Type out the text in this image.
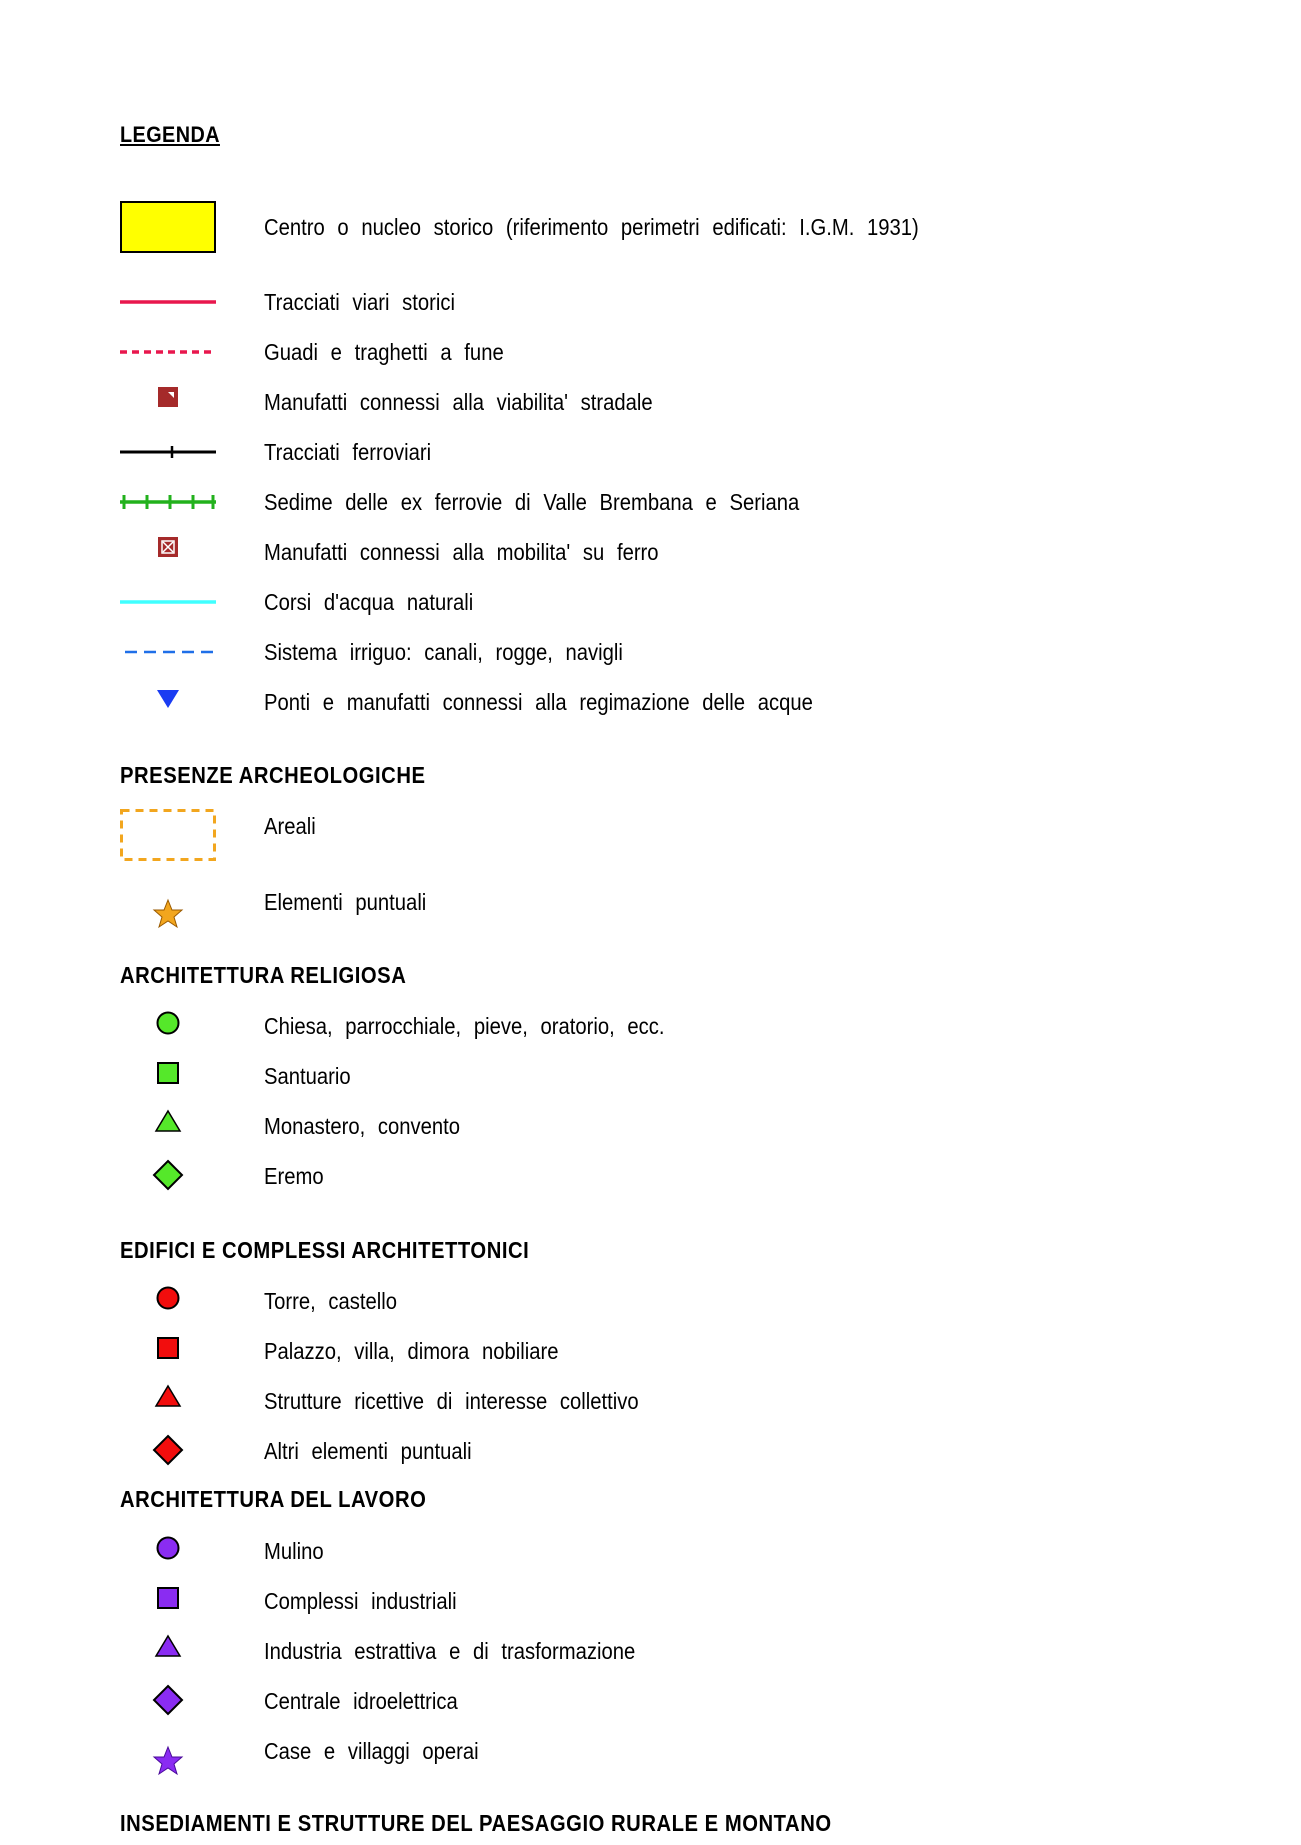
LEGENDA
Centro o nucleo storico (riferimento perimetri edificati: I.G.M. 1931)
Tracciati viari storici
Guadi e traghetti a fune
Manufatti connessi alla viabilita' stradale
Tracciati ferroviari
Sedime delle ex ferrovie di Valle Brembana e Seriana
Manufatti connessi alla mobilita' su ferro
Corsi d'acqua naturali
Sistema irriguo: canali, rogge, navigli
Ponti e manufatti connessi alla regimazione delle acque
PRESENZE ARCHEOLOGICHE
Areali
Elementi puntuali
ARCHITETTURA RELIGIOSA
Chiesa, parrocchiale, pieve, oratorio, ecc.
Santuario
Monastero, convento
Eremo
EDIFICI E COMPLESSI ARCHITETTONICI
Torre, castello
Palazzo, villa, dimora nobiliare
Strutture ricettive di interesse collettivo
Altri elementi puntuali
ARCHITETTURA DEL LAVORO
Mulino
Complessi industriali
Industria estrattiva e di trasformazione
Centrale idroelettrica
Case e villaggi operai
INSEDIAMENTI E STRUTTURE DEL PAESAGGIO RURALE E MONTANO
